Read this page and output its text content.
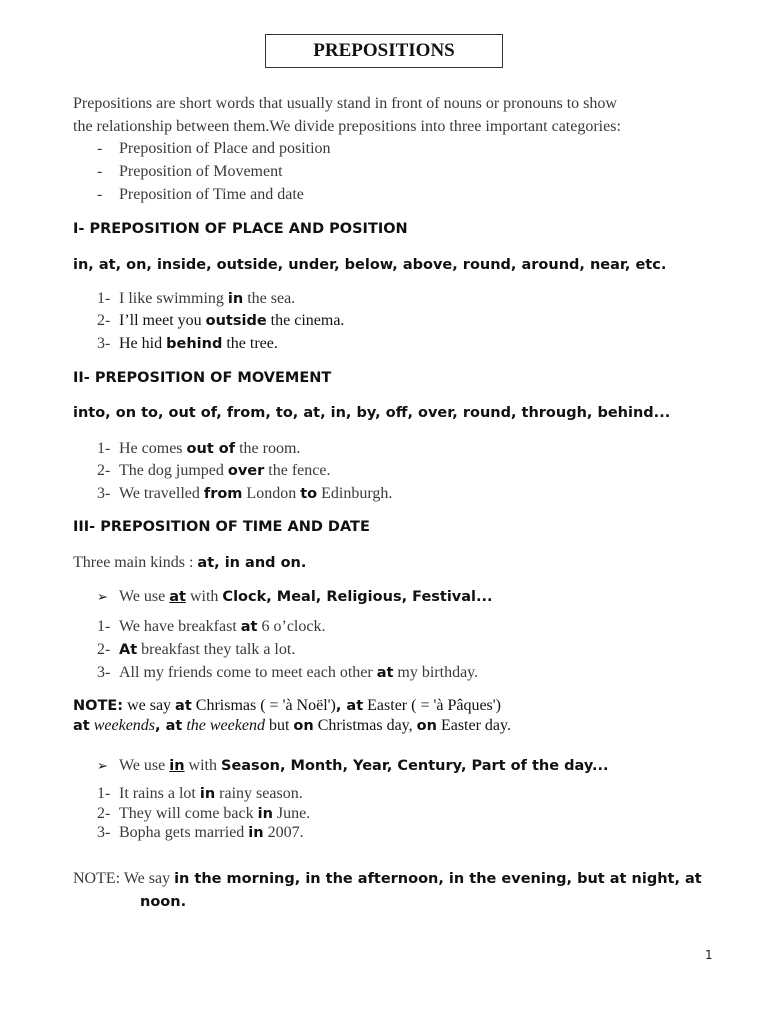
PREPOSITIONS
Prepositions are short words that usually stand in front of nouns or pronouns to show
the relationship between them.We divide prepositions into three important categories:
- Preposition of Place and position
- Preposition of Movement
- Preposition of Time and date
I- PREPOSITION OF PLACE AND POSITION
in, at, on, inside, outside, under, below, above, round, around, near, etc.
1- I like swimming in the sea.
2- I’ll meet you outside the cinema.
3- He hid behind the tree.
II- PREPOSITION OF MOVEMENT
into, on to, out of, from, to, at, in, by, off, over, round, through, behind...
1- He comes out of the room.
2- The dog jumped over the fence.
3- We travelled from London to Edinburgh.
III- PREPOSITION OF TIME AND DATE
Three main kinds : at, in and on.
➢ We use at with Clock, Meal, Religious, Festival...
1- We have breakfast at 6 o’clock.
2- At breakfast they talk a lot.
3- All my friends come to meet each other at my birthday.
NOTE: we say at Chrismas ( = 'à Noël'), at Easter ( = 'à Pâques')
at weekends, at the weekend but on Christmas day, on Easter day.
➢ We use in with Season, Month, Year, Century, Part of the day...
1- It rains a lot in rainy season.
2- They will come back in June.
3- Bopha gets married in 2007.
NOTE: We say in the morning, in the afternoon, in the evening, but at night, at
noon.
1
